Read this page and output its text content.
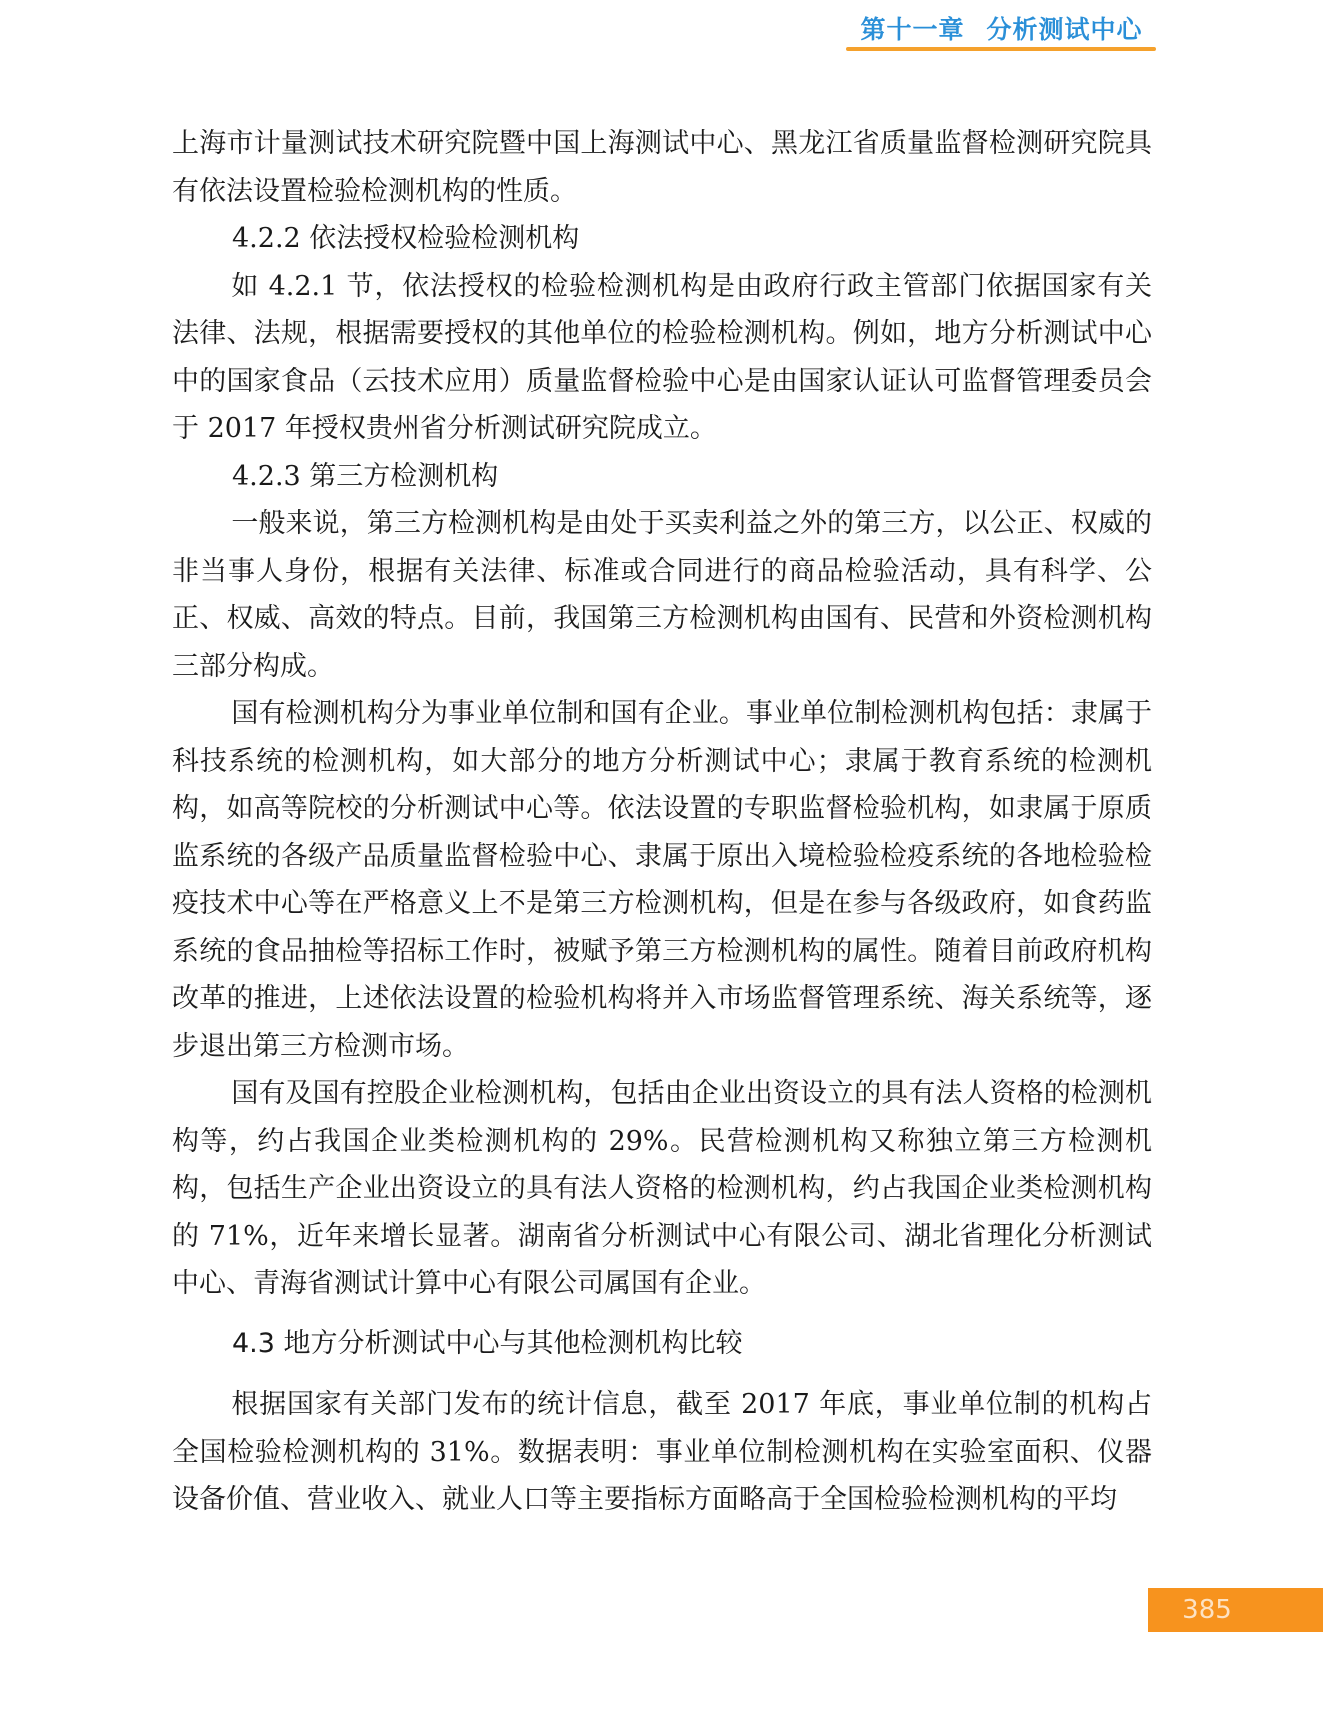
第十一章 分析测试中心

上海市计量测试技术研究院暨中国上海测试中心、黑龙江省质量监督检测研究院具有依法设置检验检测机构的性质。

4.2.2 依法授权检验检测机构

如 4.2.1 节，依法授权的检验检测机构是由政府行政主管部门依据国家有关法律、法规，根据需要授权的其他单位的检验检测机构。例如，地方分析测试中心中的国家食品（云技术应用）质量监督检验中心是由国家认证认可监督管理委员会于 2017 年授权贵州省分析测试研究院成立。

4.2.3 第三方检测机构

一般来说，第三方检测机构是由处于买卖利益之外的第三方，以公正、权威的非当事人身份，根据有关法律、标准或合同进行的商品检验活动，具有科学、公正、权威、高效的特点。目前，我国第三方检测机构由国有、民营和外资检测机构三部分构成。

国有检测机构分为事业单位制和国有企业。事业单位制检测机构包括：隶属于科技系统的检测机构，如大部分的地方分析测试中心；隶属于教育系统的检测机构，如高等院校的分析测试中心等。依法设置的专职监督检验机构，如隶属于原质监系统的各级产品质量监督检验中心、隶属于原出入境检验检疫系统的各地检验检疫技术中心等在严格意义上不是第三方检测机构，但是在参与各级政府，如食药监系统的食品抽检等招标工作时，被赋予第三方检测机构的属性。随着目前政府机构改革的推进，上述依法设置的检验机构将并入市场监督管理系统、海关系统等，逐步退出第三方检测市场。

国有及国有控股企业检测机构，包括由企业出资设立的具有法人资格的检测机构等，约占我国企业类检测机构的 29%。民营检测机构又称独立第三方检测机构，包括生产企业出资设立的具有法人资格的检测机构，约占我国企业类检测机构的 71%，近年来增长显著。湖南省分析测试中心有限公司、湖北省理化分析测试中心、青海省测试计算中心有限公司属国有企业。

4.3 地方分析测试中心与其他检测机构比较

根据国家有关部门发布的统计信息，截至 2017 年底，事业单位制的机构占全国检验检测机构的 31%。数据表明：事业单位制检测机构在实验室面积、仪器设备价值、营业收入、就业人口等主要指标方面略高于全国检验检测机构的平均

385
